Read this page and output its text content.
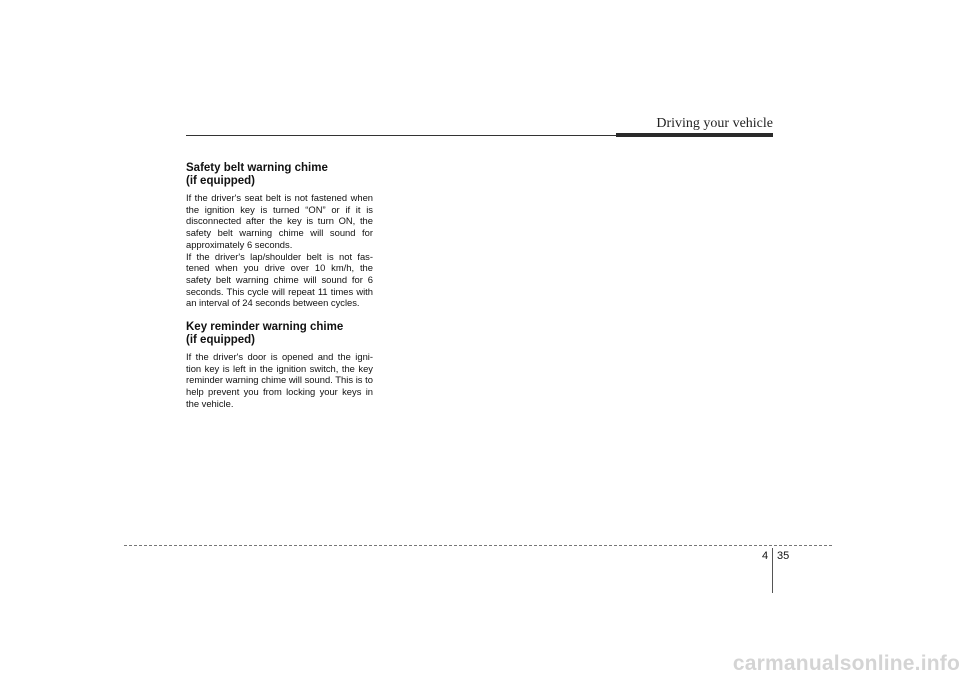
Driving your vehicle

Safety belt warning chime
(if equipped)

If the driver's seat belt is not fastened when the ignition key is turned “ON” or if it is disconnected after the key is turn ON, the safety belt warning chime will sound for approximately 6 seconds.

If the driver's lap/shoulder belt is not fas-tened when you drive over 10 km/h, the safety belt warning chime will sound for 6 seconds. This cycle will repeat 11 times with an interval of 24 seconds between cycles.

Key reminder warning chime
(if equipped)

If the driver's door is opened and the igni-tion key is left in the ignition switch, the key reminder warning chime will sound. This is to help prevent you from locking your keys in the vehicle.

4 35
carmanualsonline.info
